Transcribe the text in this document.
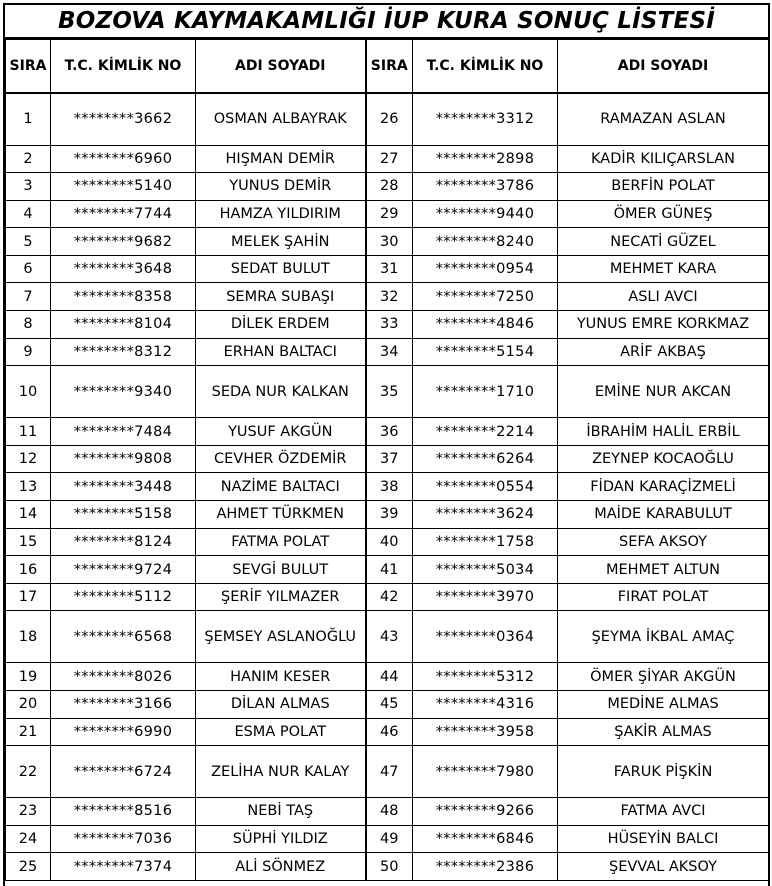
BOZOVA KAYMAKAMLIĞI İUP KURA SONUÇ LİSTESİ
SIRA	T.C. KİMLİK NO	ADI SOYADI	SIRA	T.C. KİMLİK NO	ADI SOYADI
1	********3662	OSMAN ALBAYRAK	26	********3312	RAMAZAN ASLAN
2	********6960	HIŞMAN DEMİR	27	********2898	KADİR KILIÇARSLAN
3	********5140	YUNUS DEMİR	28	********3786	BERFİN POLAT
4	********7744	HAMZA YILDIRIM	29	********9440	ÖMER GÜNEŞ
5	********9682	MELEK ŞAHİN	30	********8240	NECATİ GÜZEL
6	********3648	SEDAT BULUT	31	********0954	MEHMET KARA
7	********8358	SEMRA SUBAŞI	32	********7250	ASLI AVCI
8	********8104	DİLEK ERDEM	33	********4846	YUNUS EMRE KORKMAZ
9	********8312	ERHAN BALTACI	34	********5154	ARİF AKBAŞ
10	********9340	SEDA NUR KALKAN	35	********1710	EMİNE NUR AKCAN
11	********7484	YUSUF AKGÜN	36	********2214	İBRAHİM HALİL ERBİL
12	********9808	CEVHER ÖZDEMİR	37	********6264	ZEYNEP KOCAOĞLU
13	********3448	NAZİME BALTACI	38	********0554	FİDAN KARAÇİZMELİ
14	********5158	AHMET TÜRKMEN	39	********3624	MAİDE KARABULUT
15	********8124	FATMA POLAT	40	********1758	SEFA AKSOY
16	********9724	SEVGİ BULUT	41	********5034	MEHMET ALTUN
17	********5112	ŞERİF YILMAZER	42	********3970	FIRAT POLAT
18	********6568	ŞEMSEY ASLANOĞLU	43	********0364	ŞEYMA İKBAL AMAÇ
19	********8026	HANIM KESER	44	********5312	ÖMER ŞİYAR AKGÜN
20	********3166	DİLAN ALMAS	45	********4316	MEDİNE ALMAS
21	********6990	ESMA POLAT	46	********3958	ŞAKİR ALMAS
22	********6724	ZELİHA NUR KALAY	47	********7980	FARUK PİŞKİN
23	********8516	NEBİ TAŞ	48	********9266	FATMA AVCI
24	********7036	SÜPHİ YILDIZ	49	********6846	HÜSEYİN BALCI
25	********7374	ALİ SÖNMEZ	50	********2386	ŞEVVAL AKSOY
